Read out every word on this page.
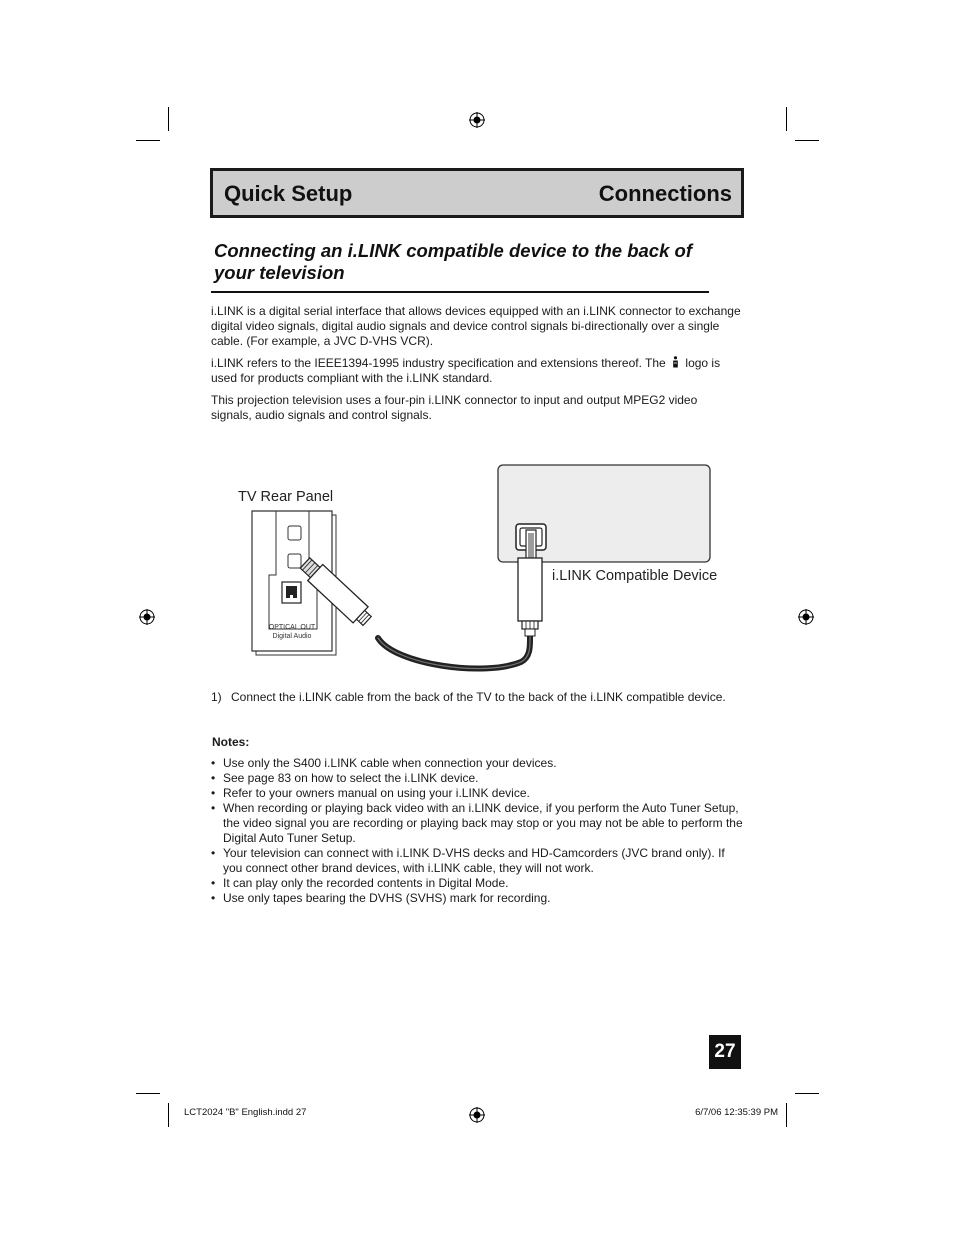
Quick Setup	Connections
Connecting an i.LINK compatible device to the back of your television
i.LINK is a digital serial interface that allows devices equipped with an i.LINK connector to exchange digital video signals, digital audio signals and device control signals bi-directionally over a single cable. (For example, a JVC D-VHS VCR).
i.LINK refers to the IEEE1394-1995 industry specification and extensions thereof. The logo is used for products compliant with the i.LINK standard.
This projection television uses a four-pin i.LINK connector to input and output MPEG2 video signals, audio signals and control signals.
OPTICAL OUT
Digital Audio
TV Rear Panel
i.LINK Compatible Device
1) Connect the i.LINK cable from the back of the TV to the back of the i.LINK compatible device.
Notes:
• Use only the S400 i.LINK cable when connection your devices.
• See page 83 on how to select the i.LINK device.
• Refer to your owners manual on using your i.LINK device.
• When recording or playing back video with an i.LINK device, if you perform the Auto Tuner Setup, the video signal you are recording or playing back may stop or you may not be able to perform the Digital Auto Tuner Setup.
• Your television can connect with i.LINK D-VHS decks and HD-Camcorders (JVC brand only). If you connect other brand devices, with i.LINK cable, they will not work.
• It can play only the recorded contents in Digital Mode.
• Use only tapes bearing the DVHS (SVHS) mark for recording.
27
LCT2024 "B" English.indd 27	6/7/06 12:35:39 PM
